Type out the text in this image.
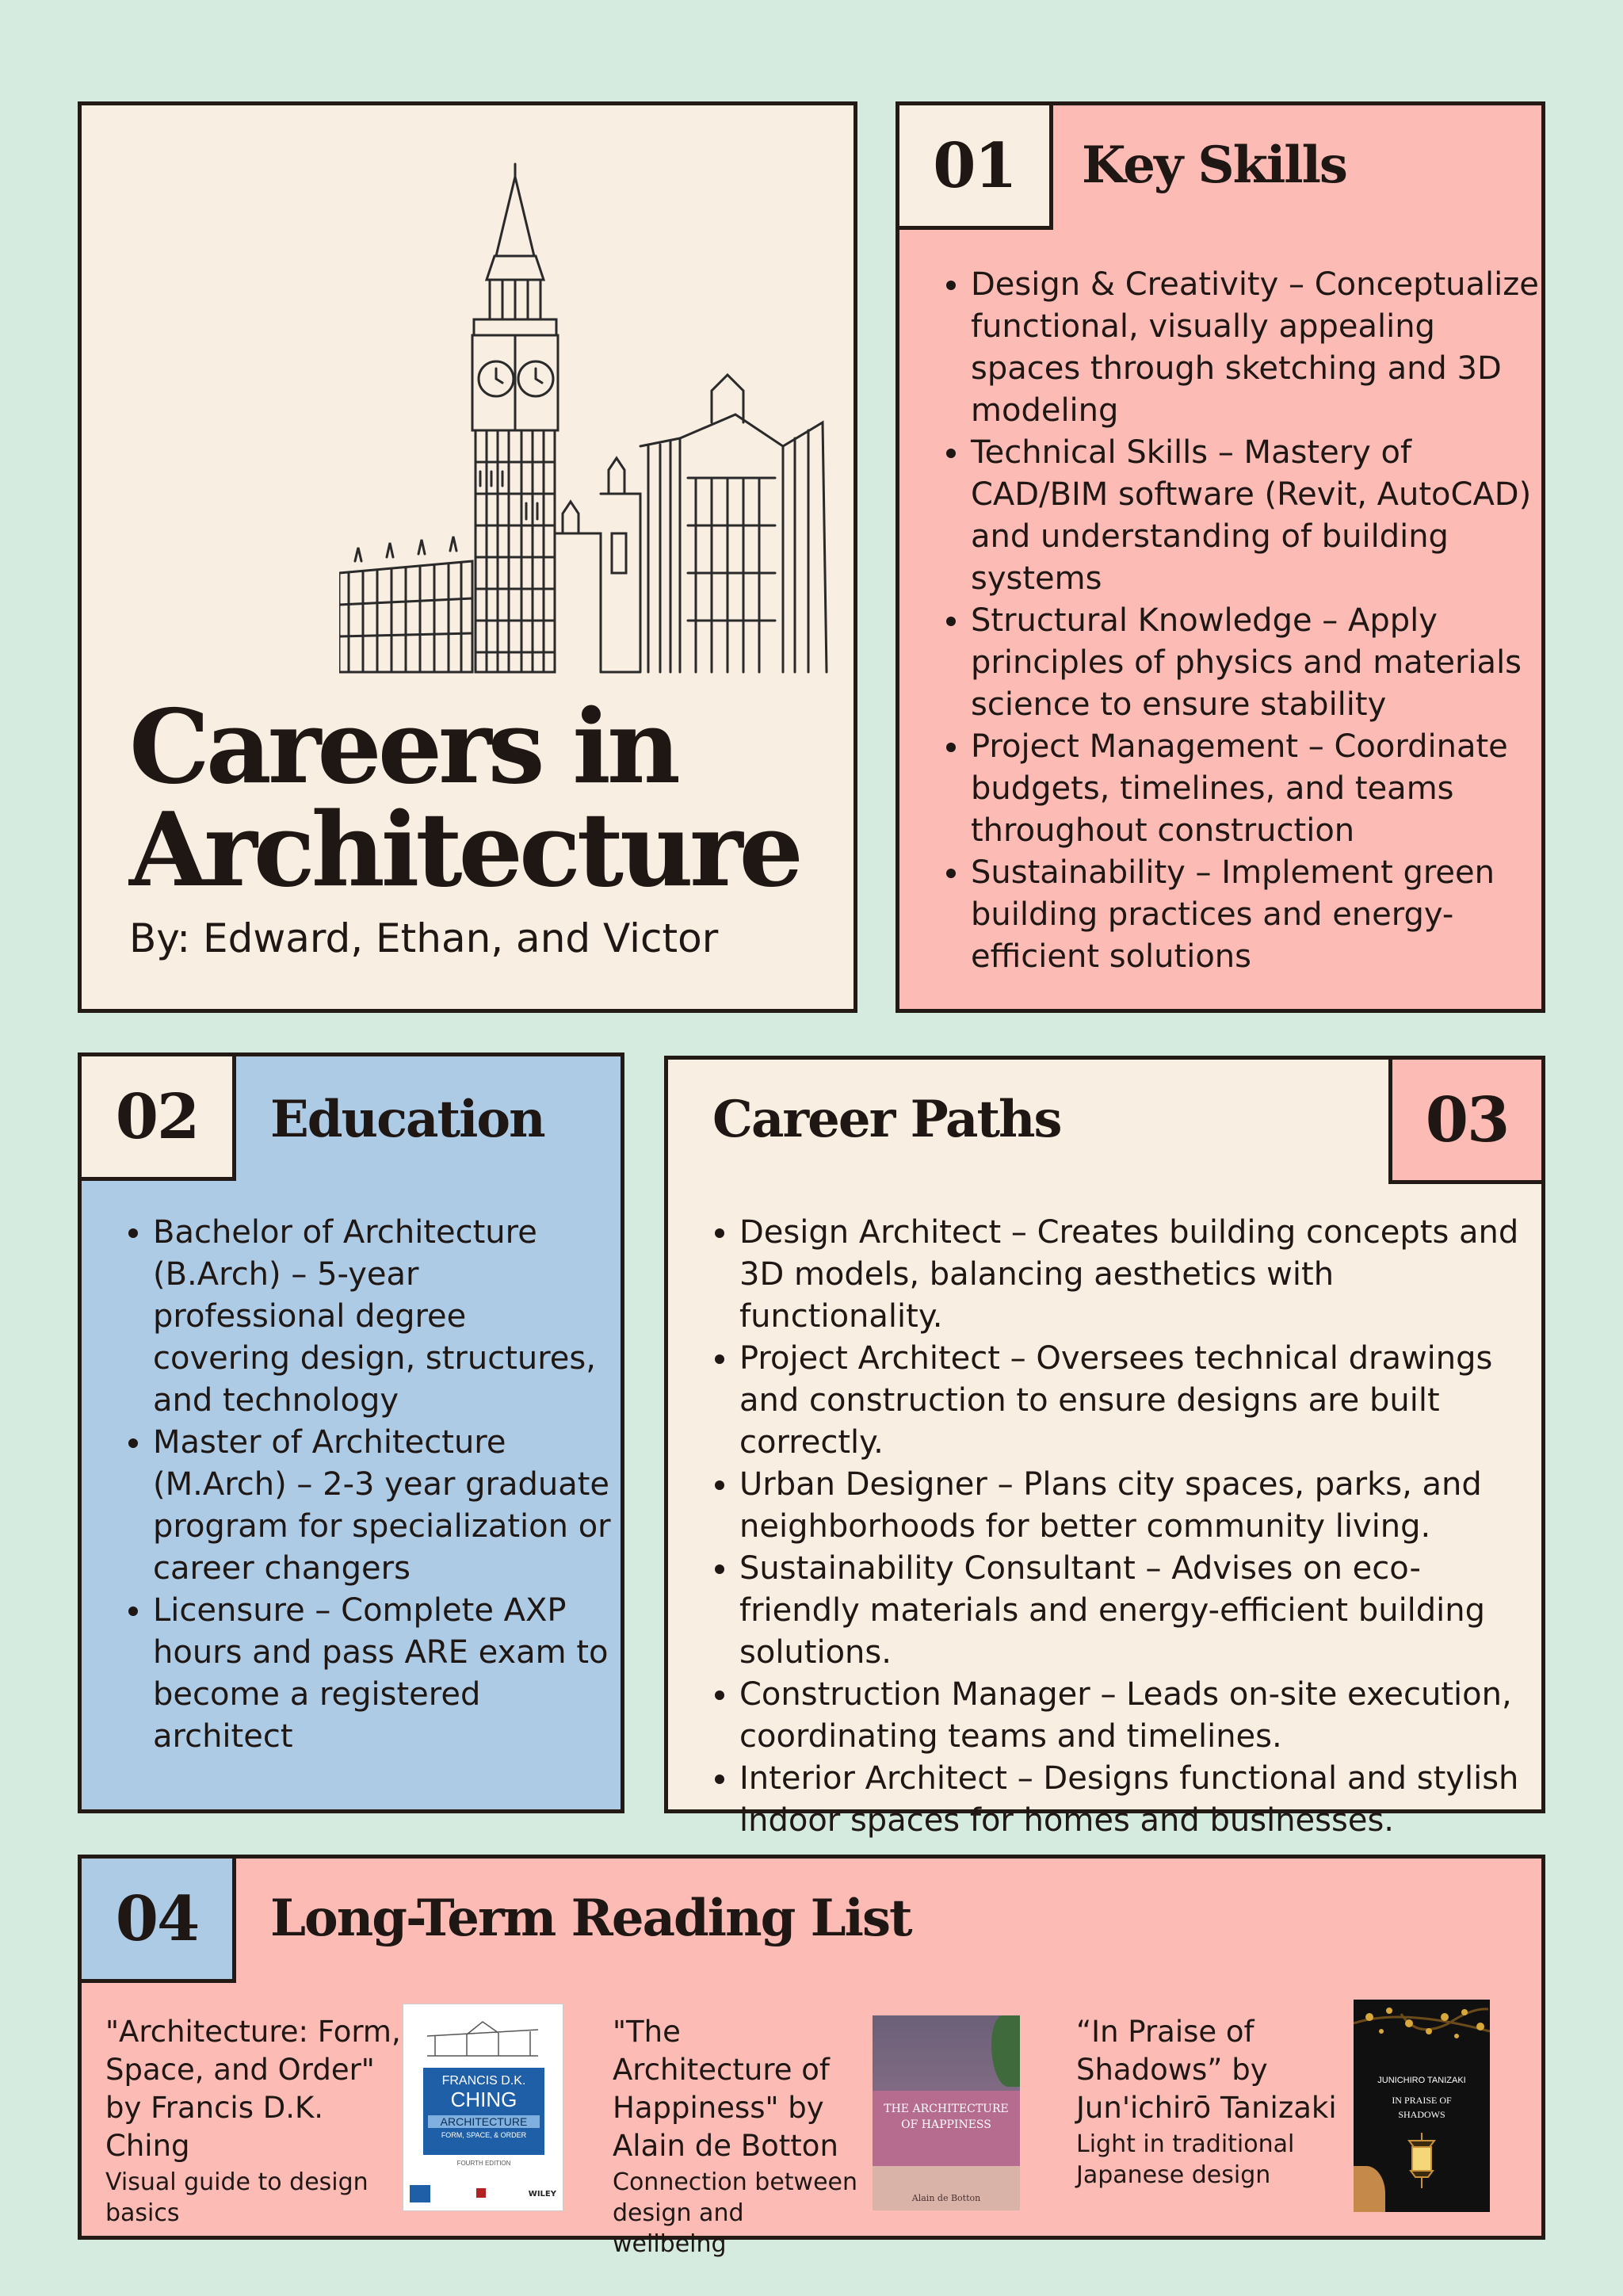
Careers in
Architecture
By: Edward, Ethan, and Victor
01	Key Skills
• Design & Creativity – Conceptualize functional, visually appealing spaces through sketching and 3D modeling
• Technical Skills – Mastery of CAD/BIM software (Revit, AutoCAD) and understanding of building systems
• Structural Knowledge – Apply principles of physics and materials science to ensure stability
• Project Management – Coordinate budgets, timelines, and teams throughout construction
• Sustainability – Implement green building practices and energy-efficient solutions
02	Education
• Bachelor of Architecture (B.Arch) – 5-year professional degree covering design, structures, and technology
• Master of Architecture (M.Arch) – 2-3 year graduate program for specialization or career changers
• Licensure – Complete AXP hours and pass ARE exam to become a registered architect
03
Career Paths
• Design Architect – Creates building concepts and 3D models, balancing aesthetics with functionality.
• Project Architect – Oversees technical drawings and construction to ensure designs are built correctly.
• Urban Designer – Plans city spaces, parks, and neighborhoods for better community living.
• Sustainability Consultant – Advises on eco-friendly materials and energy-efficient building solutions.
• Construction Manager – Leads on-site execution, coordinating teams and timelines.
• Interior Architect – Designs functional and stylish indoor spaces for homes and businesses.
04	Long-Term Reading List
"Architecture: Form, Space, and Order" by Francis D.K. Ching
Visual guide to design basics
FRANCIS D.K.
CHING
ARCHITECTURE
FORM, SPACE, & ORDER
FOURTH EDITION
WILEY
"The Architecture of Happiness" by Alain de Botton
Connection between design and wellbeing
THE ARCHITECTURE
OF HAPPINESS
Alain de Botton
“In Praise of Shadows” by Jun'ichirō Tanizaki
Light in traditional Japanese design
JUNICHIRO TANIZAKI
IN PRAISE OF
SHADOWS
